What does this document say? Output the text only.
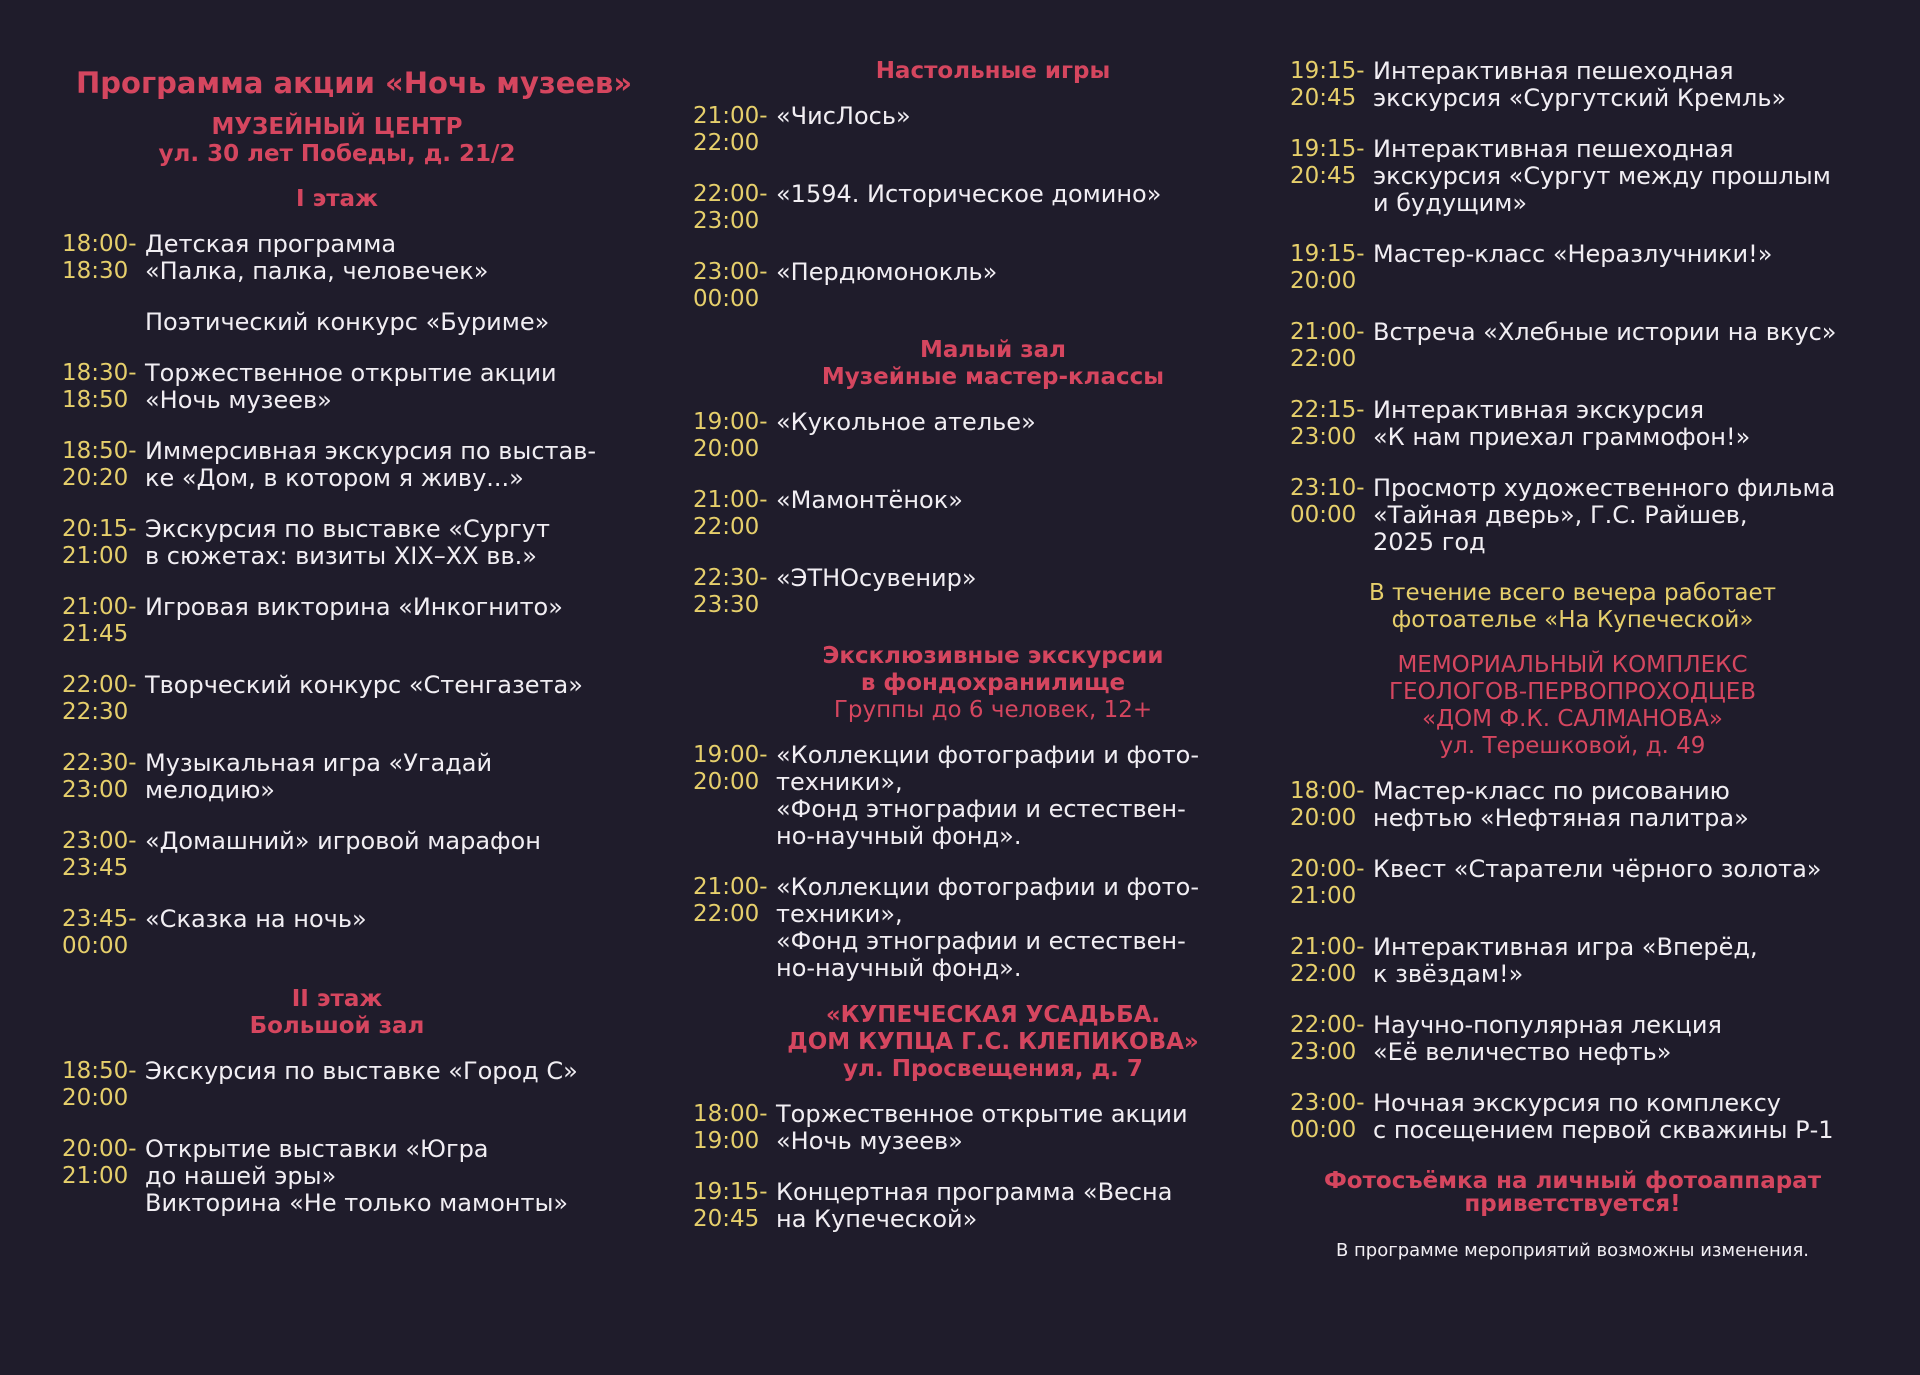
Программа акции «Ночь музеев»
МУЗЕЙНЫЙ ЦЕНТР
ул. 30 лет Победы, д. 21/2
I этаж
18:00-
18:30
Детская программа
«Палка, палка, человечек»
Поэтический конкурс «Буриме»
18:30-
18:50
Торжественное открытие акции
«Ночь музеев»
18:50-
20:20
Иммерсивная экскурсия по выстав-
ке «Дом, в котором я живу...»
20:15-
21:00
Экскурсия по выставке «Сургут
в сюжетах: визиты XIX–XX вв.»
21:00-
21:45
Игровая викторина «Инкогнито»
22:00-
22:30
Творческий конкурс «Стенгазета»
22:30-
23:00
Музыкальная игра «Угадай
мелодию»
23:00-
23:45
«Домашний» игровой марафон
23:45-
00:00
«Сказка на ночь»
II этаж
Большой зал
18:50-
20:00
Экскурсия по выставке «Город С»
20:00-
21:00
Открытие выставки «Югра
до нашей эры»
Викторина «Не только мамонты»
Настольные игры
21:00-
22:00
«ЧисЛось»
22:00-
23:00
«1594. Историческое домино»
23:00-
00:00
«Пердюмонокль»
Малый зал
Музейные мастер-классы
19:00-
20:00
«Кукольное ателье»
21:00-
22:00
«Мамонтёнок»
22:30-
23:30
«ЭТНОсувенир»
Эксклюзивные экскурсии
в фондохранилище
Группы до 6 человек, 12+
19:00-
20:00
«Коллекции фотографии и фото-
техники»,
«Фонд этнографии и естествен-
но-научный фонд».
21:00-
22:00
«Коллекции фотографии и фото-
техники»,
«Фонд этнографии и естествен-
но-научный фонд».
«КУПЕЧЕСКАЯ УСАДЬБА.
ДОМ КУПЦА Г.С. КЛЕПИКОВА»
ул. Просвещения, д. 7
18:00-
19:00
Торжественное открытие акции
«Ночь музеев»
19:15-
20:45
Концертная программа «Весна
на Купеческой»
19:15-
20:45
Интерактивная пешеходная
экскурсия «Сургутский Кремль»
19:15-
20:45
Интерактивная пешеходная
экскурсия «Сургут между прошлым
и будущим»
19:15-
20:00
Мастер-класс «Неразлучники!»
21:00-
22:00
Встреча «Хлебные истории на вкус»
22:15-
23:00
Интерактивная экскурсия
«К нам приехал граммофон!»
23:10-
00:00
Просмотр художественного фильма
«Тайная дверь», Г.С. Райшев,
2025 год
В течение всего вечера работает
фотоателье «На Купеческой»
МЕМОРИАЛЬНЫЙ КОМПЛЕКС
ГЕОЛОГОВ-ПЕРВОПРОХОДЦЕВ
«ДОМ Ф.К. САЛМАНОВА»
ул. Терешковой, д. 49
18:00-
20:00
Мастер-класс по рисованию
нефтью «Нефтяная палитра»
20:00-
21:00
Квест «Старатели чёрного золота»
21:00-
22:00
Интерактивная игра «Вперёд,
к звёздам!»
22:00-
23:00
Научно-популярная лекция
«Её величество нефть»
23:00-
00:00
Ночная экскурсия по комплексу
с посещением первой скважины Р-1
Фотосъёмка на личный фотоаппарат
приветствуется!
В программе мероприятий возможны изменения.
